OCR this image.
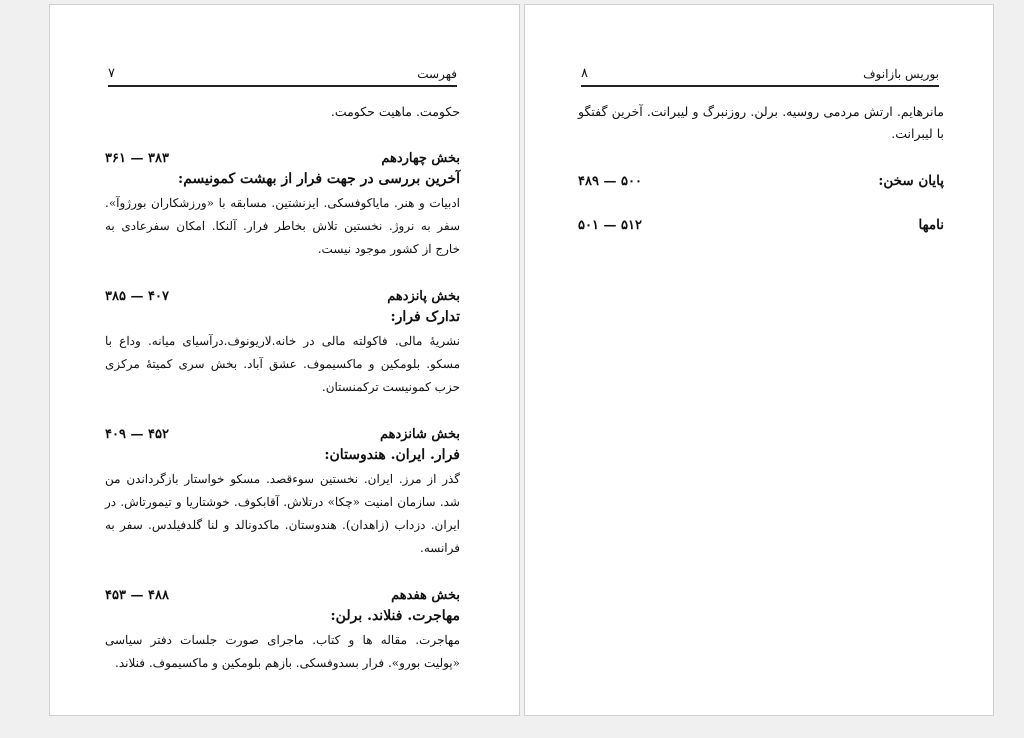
فهرست
۷

حکومت. ماهیت حکومت.

بخش چهاردهم
۳۶۱ — ۳۸۳
آخرین بررسی در جهت فرار از بهشت کمونیسم:
ادبیات و هنر. مایاکوفسکی. ایزنشتین. مسابقه با «ورزشکاران بورژوآ». سفر به نروژ. نخستین تلاش بخاطر فرار. آلنکا. امکان سفرعادی به خارج از کشور موجود نیست.
بخش پانزدهم
۳۸۵ — ۴۰۷
تدارک فرار:
نشریهٔ مالی. فاکولته مالی در خانه.لاریونوف.درآسیای میانه. وداع با مسکو. بلومکین و ماکسیموف. عشق آباد. بخش سری کمیتهٔ مرکزی حزب کمونیست ترکمنستان.
بخش شانزدهم
۴۰۹ — ۴۵۲
فرار. ایران. هندوستان:
گذر از مرز. ایران. نخستین سوءقصد. مسکو خواستار بازگرداندن من شد. سازمان امنیت «چکا» درتلاش. آقابکوف. خوشتاریا و تیمورتاش. در ایران. دزداب (زاهدان). هندوستان. ماکدونالد و لنا گلدفیلدس. سفر به فرانسه.
بخش هفدهم
۴۵۳ — ۴۸۸
مهاجرت. فنلاند. برلن:
مهاجرت. مقاله ها و کتاب. ماجرای صورت جلسات دفتر سیاسی «پولیت بورو». فرار بسدوفسکی. بازهم بلومکین و ماکسیموف. فنلاند.
بوریس بازانوف
۸

مانرهایم. ارتش مردمی روسیه. برلن. روزنبرگ و لیبرانت. آخرین گفتگو با لیبرانت.

پایان سخن:
۴۸۹ — ۵۰۰
نامها
۵۰۱ — ۵۱۲
